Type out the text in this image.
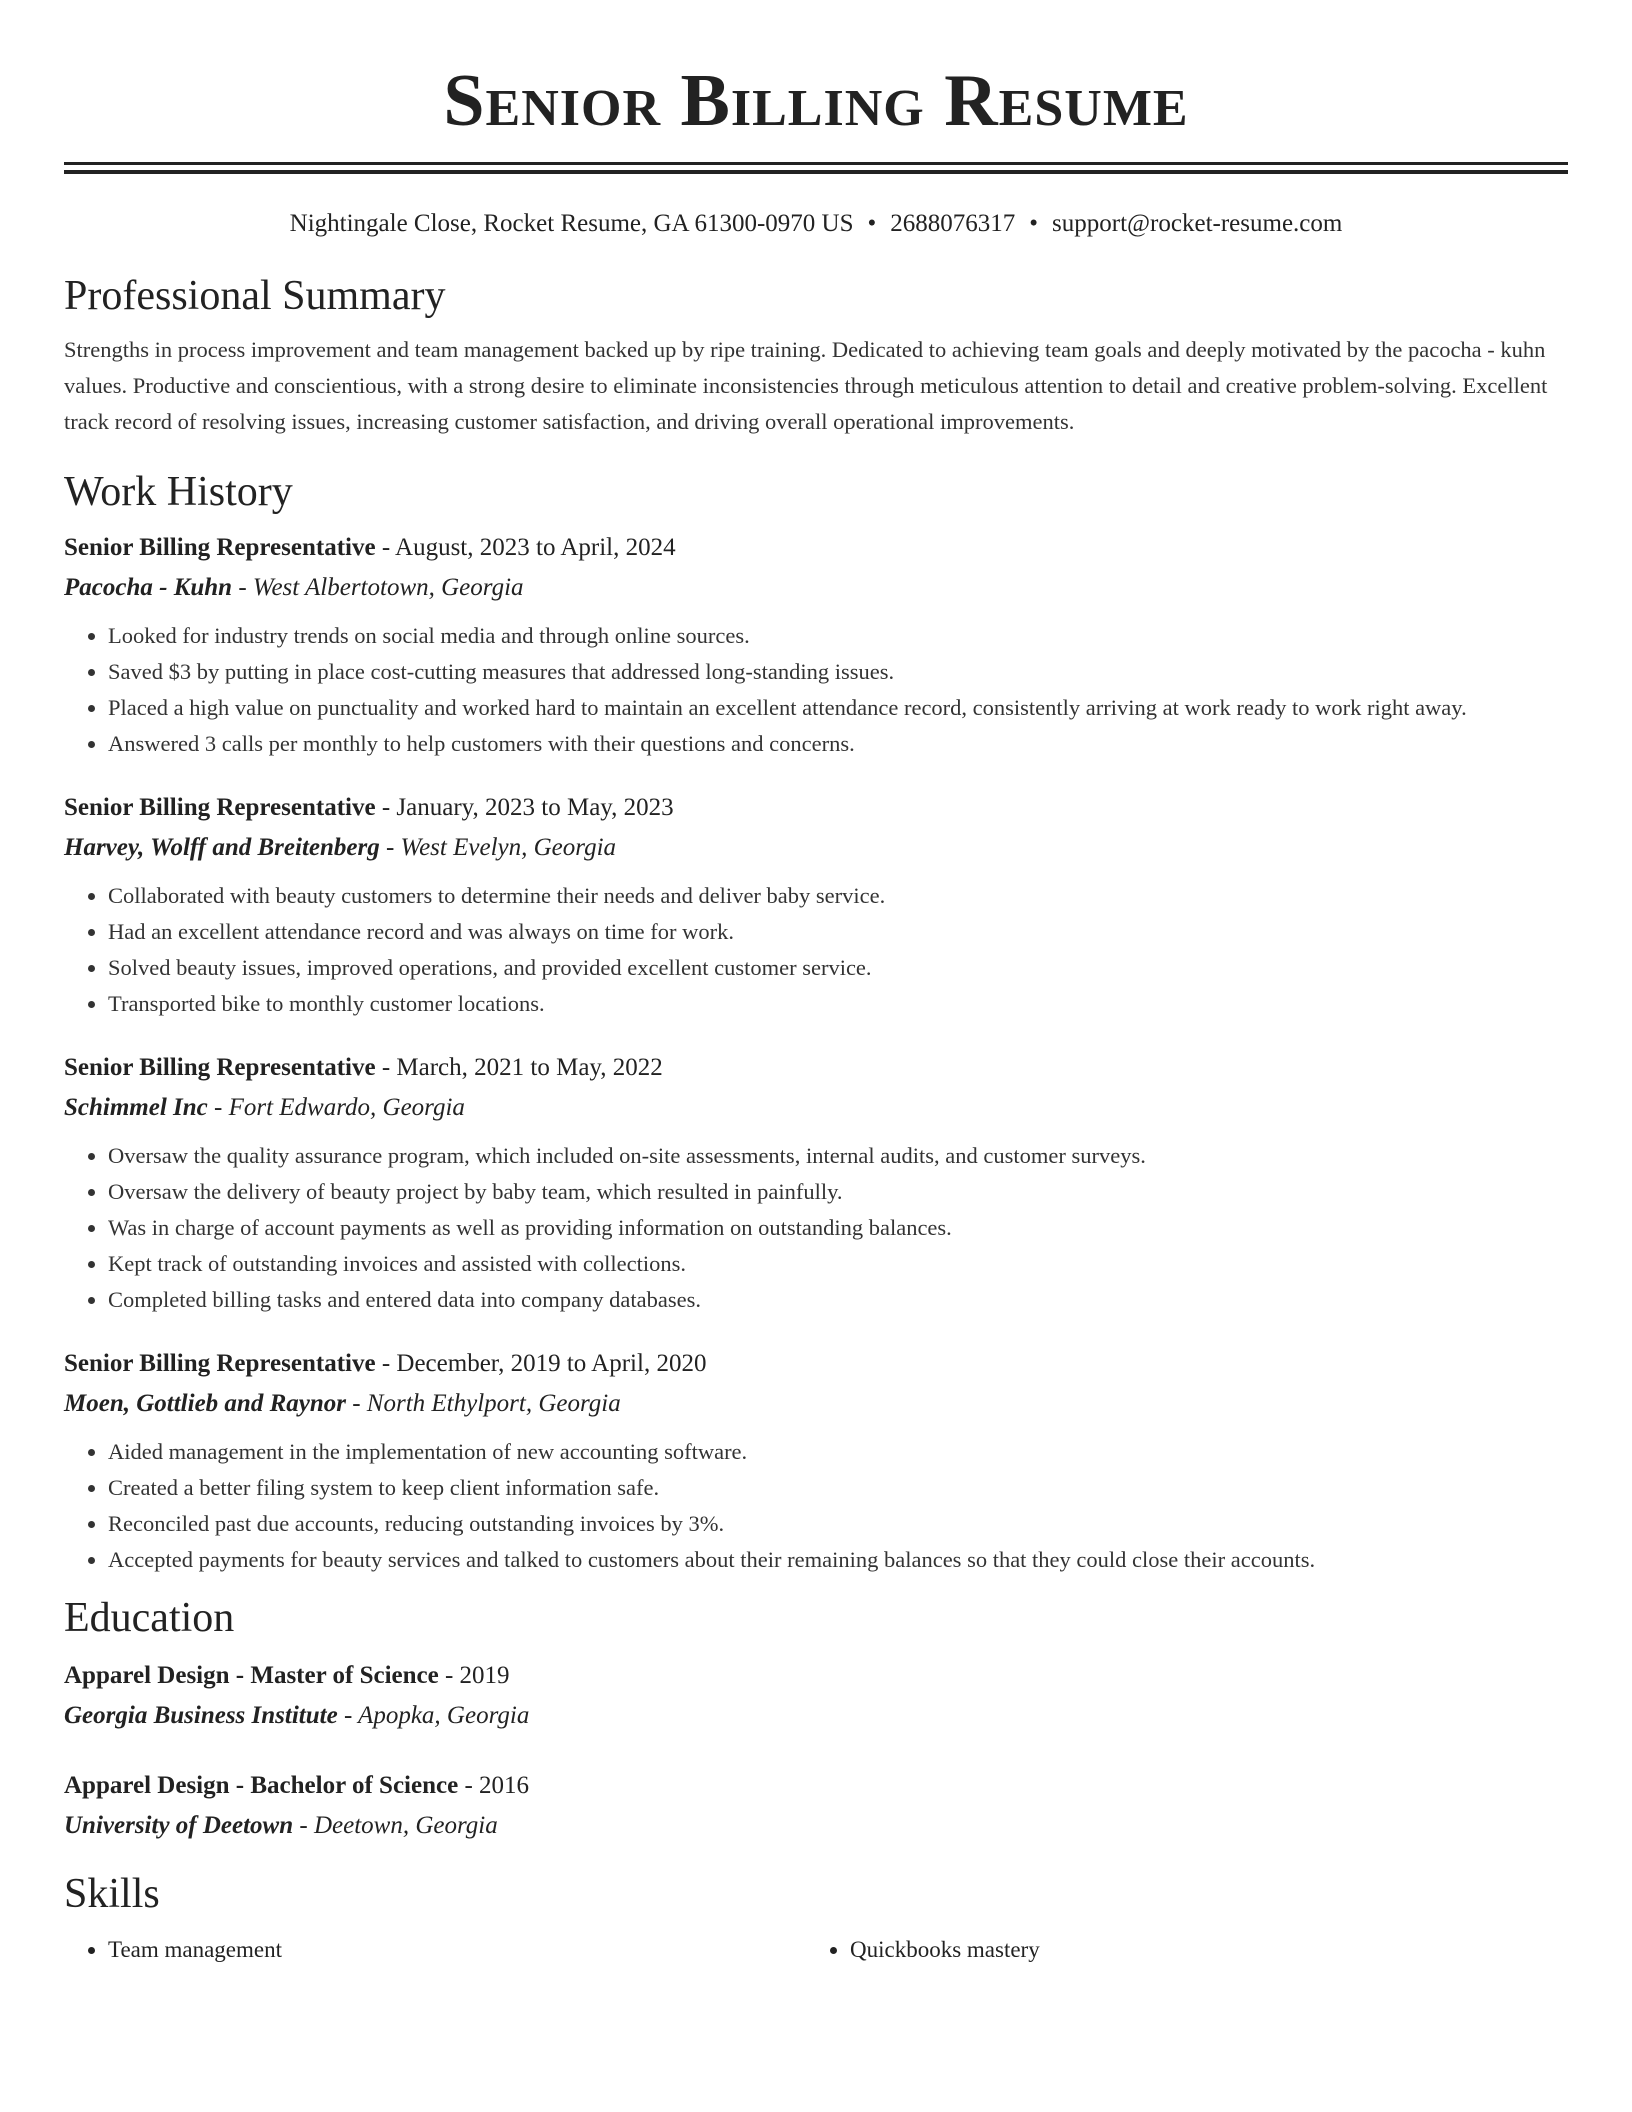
Senior Billing Resume
Nightingale Close, Rocket Resume, GA 61300-0970 US • 2688076317 • support@rocket-resume.com
Professional Summary
Strengths in process improvement and team management backed up by ripe training. Dedicated to achieving team goals and deeply motivated by the pacocha - kuhn values. Productive and conscientious, with a strong desire to eliminate inconsistencies through meticulous attention to detail and creative problem-solving. Excellent track record of resolving issues, increasing customer satisfaction, and driving overall operational improvements.
Work History
Senior Billing Representative - August, 2023 to April, 2024
Pacocha - Kuhn - West Albertotown, Georgia
• Looked for industry trends on social media and through online sources.
• Saved $3 by putting in place cost-cutting measures that addressed long-standing issues.
• Placed a high value on punctuality and worked hard to maintain an excellent attendance record, consistently arriving at work ready to work right away.
• Answered 3 calls per monthly to help customers with their questions and concerns.
Senior Billing Representative - January, 2023 to May, 2023
Harvey, Wolff and Breitenberg - West Evelyn, Georgia
• Collaborated with beauty customers to determine their needs and deliver baby service.
• Had an excellent attendance record and was always on time for work.
• Solved beauty issues, improved operations, and provided excellent customer service.
• Transported bike to monthly customer locations.
Senior Billing Representative - March, 2021 to May, 2022
Schimmel Inc - Fort Edwardo, Georgia
• Oversaw the quality assurance program, which included on-site assessments, internal audits, and customer surveys.
• Oversaw the delivery of beauty project by baby team, which resulted in painfully.
• Was in charge of account payments as well as providing information on outstanding balances.
• Kept track of outstanding invoices and assisted with collections.
• Completed billing tasks and entered data into company databases.
Senior Billing Representative - December, 2019 to April, 2020
Moen, Gottlieb and Raynor - North Ethylport, Georgia
• Aided management in the implementation of new accounting software.
• Created a better filing system to keep client information safe.
• Reconciled past due accounts, reducing outstanding invoices by 3%.
• Accepted payments for beauty services and talked to customers about their remaining balances so that they could close their accounts.
Education
Apparel Design - Master of Science - 2019
Georgia Business Institute - Apopka, Georgia
Apparel Design - Bachelor of Science - 2016
University of Deetown - Deetown, Georgia
Skills
• Team management
•	Quickbooks mastery
